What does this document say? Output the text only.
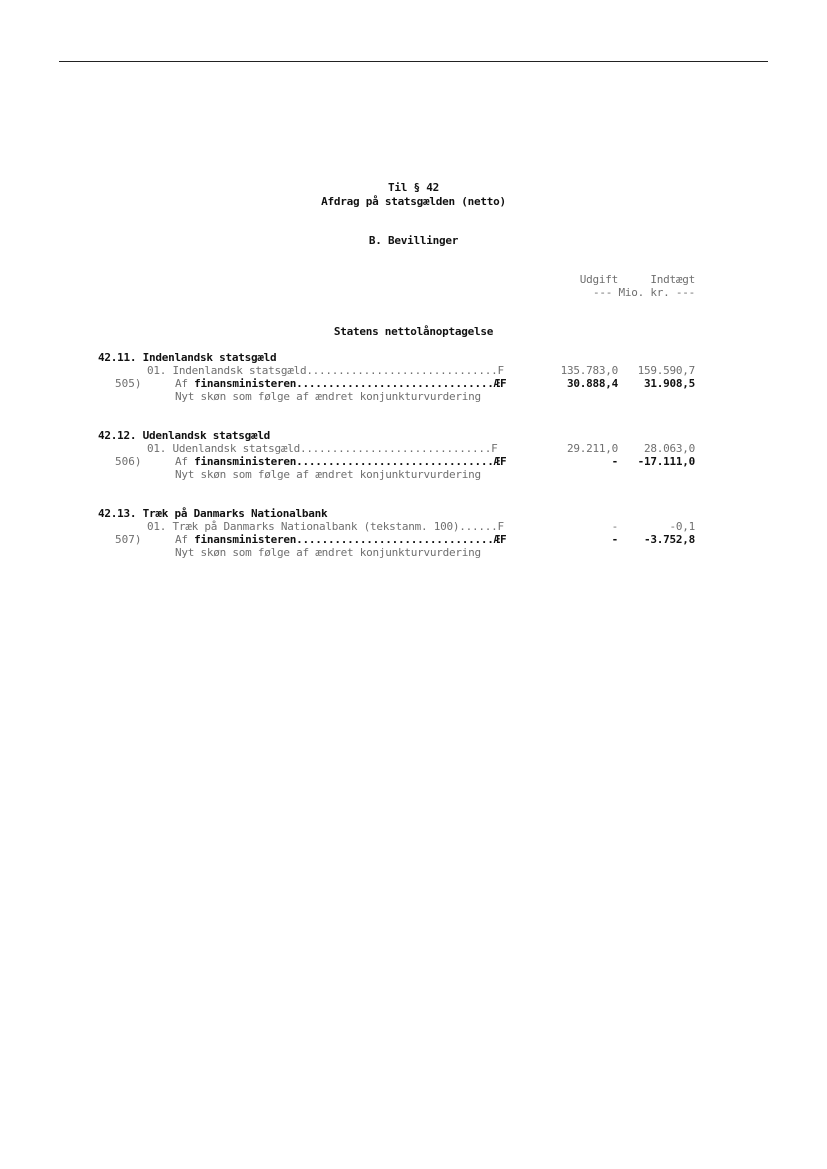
Til § 42
Afdrag på statsgælden (netto)
B. Bevillinger
Udgift	Indtægt
--- Mio. kr. ---
Statens nettolånoptagelse
42.11. Indenlandsk statsgæld
01. Indenlandsk statsgæld..............................F	135.783,0	159.590,7
505)	Af finansministeren...............................ÆF	30.888,4	31.908,5
Nyt skøn som følge af ændret konjunkturvurdering
42.12. Udenlandsk statsgæld
01. Udenlandsk statsgæld..............................F	29.211,0	28.063,0
506)	Af finansministeren...............................ÆF	-	-17.111,0
Nyt skøn som følge af ændret konjunkturvurdering
42.13. Træk på Danmarks Nationalbank
01. Træk på Danmarks Nationalbank (tekstanm. 100)......F	-	-0,1
507)	Af finansministeren...............................ÆF	-	-3.752,8
Nyt skøn som følge af ændret konjunkturvurdering
